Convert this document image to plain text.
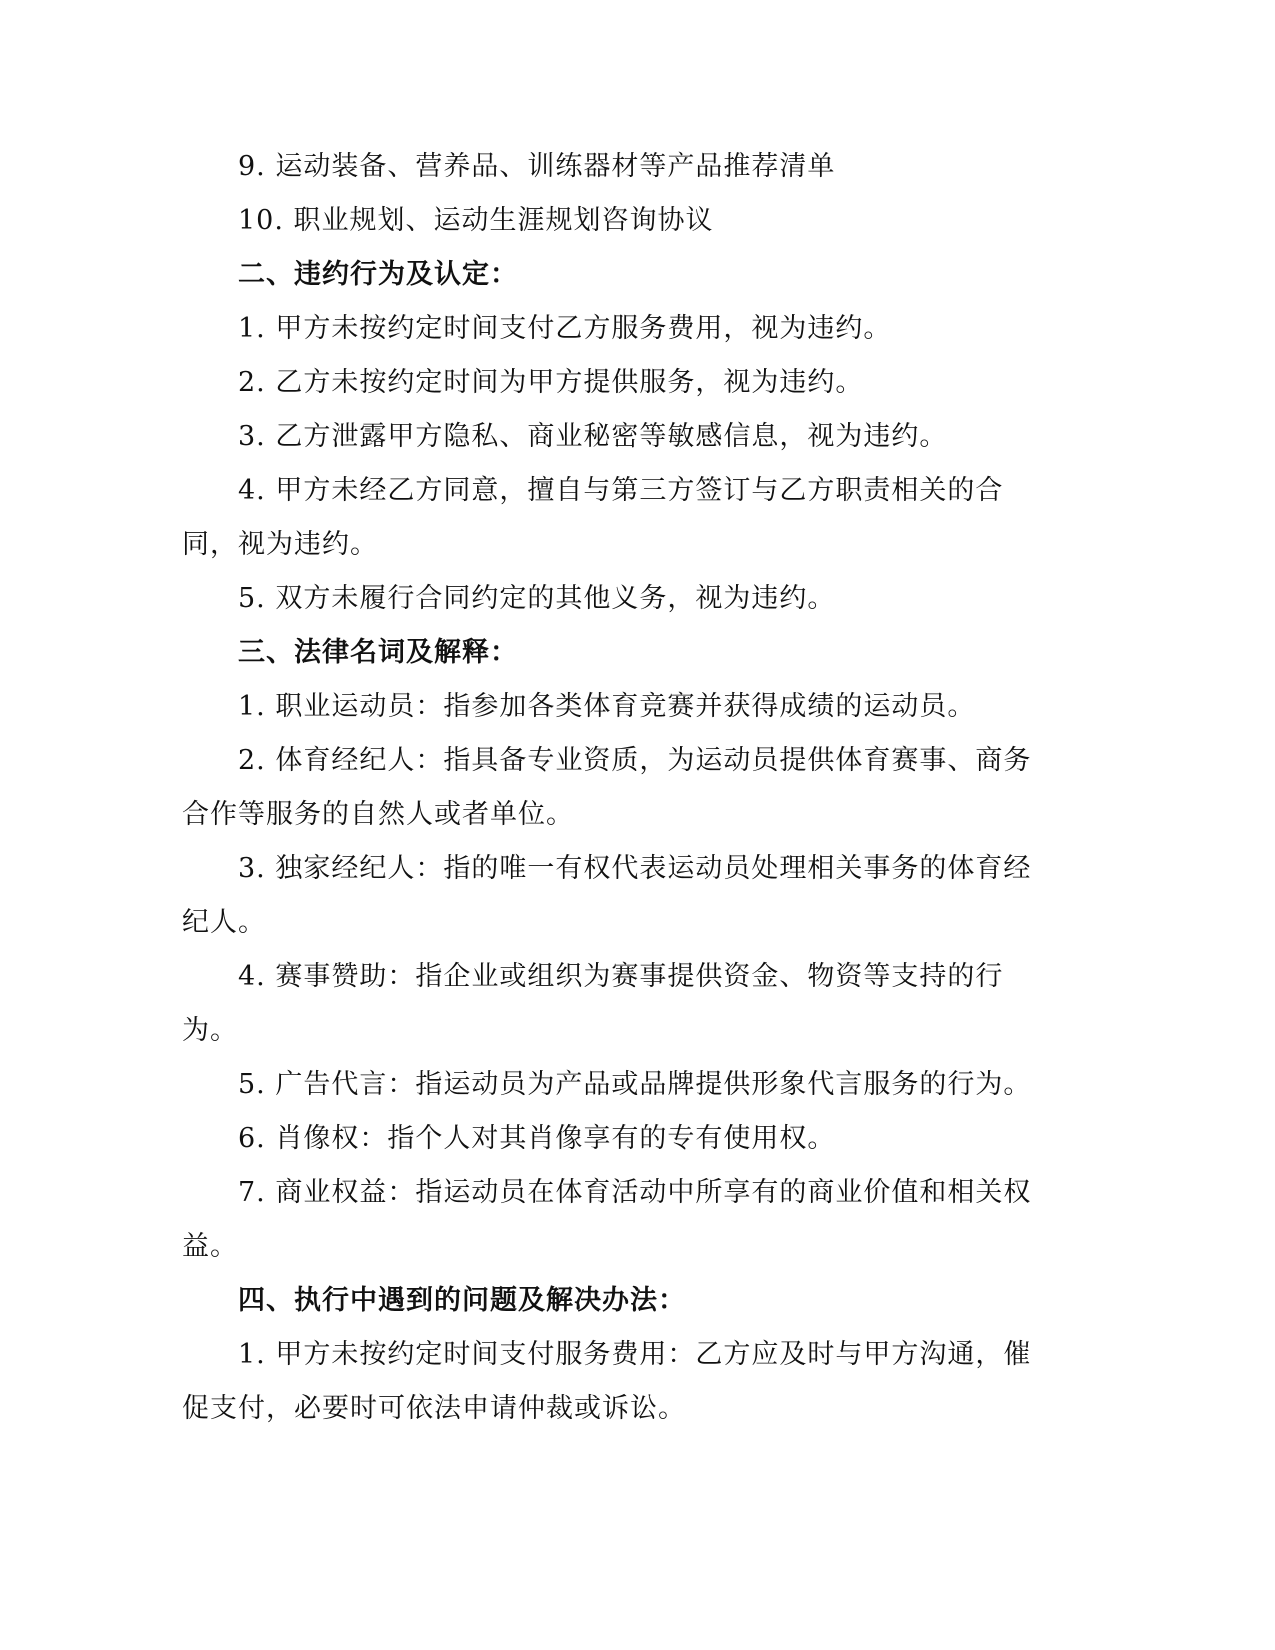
9. 运动装备、营养品、训练器材等产品推荐清单

10. 职业规划、运动生涯规划咨询协议

二、违约行为及认定：

1. 甲方未按约定时间支付乙方服务费用，视为违约。

2. 乙方未按约定时间为甲方提供服务，视为违约。

3. 乙方泄露甲方隐私、商业秘密等敏感信息，视为违约。

4. 甲方未经乙方同意，擅自与第三方签订与乙方职责相关的合同，视为违约。

5. 双方未履行合同约定的其他义务，视为违约。

三、法律名词及解释：

1. 职业运动员：指参加各类体育竞赛并获得成绩的运动员。

2. 体育经纪人：指具备专业资质，为运动员提供体育赛事、商务合作等服务的自然人或者单位。

3. 独家经纪人：指的唯一有权代表运动员处理相关事务的体育经纪人。

4. 赛事赞助：指企业或组织为赛事提供资金、物资等支持的行为。

5. 广告代言：指运动员为产品或品牌提供形象代言服务的行为。

6. 肖像权：指个人对其肖像享有的专有使用权。

7. 商业权益：指运动员在体育活动中所享有的商业价值和相关权益。

四、执行中遇到的问题及解决办法：

1. 甲方未按约定时间支付服务费用：乙方应及时与甲方沟通，催促支付，必要时可依法申请仲裁或诉讼。
